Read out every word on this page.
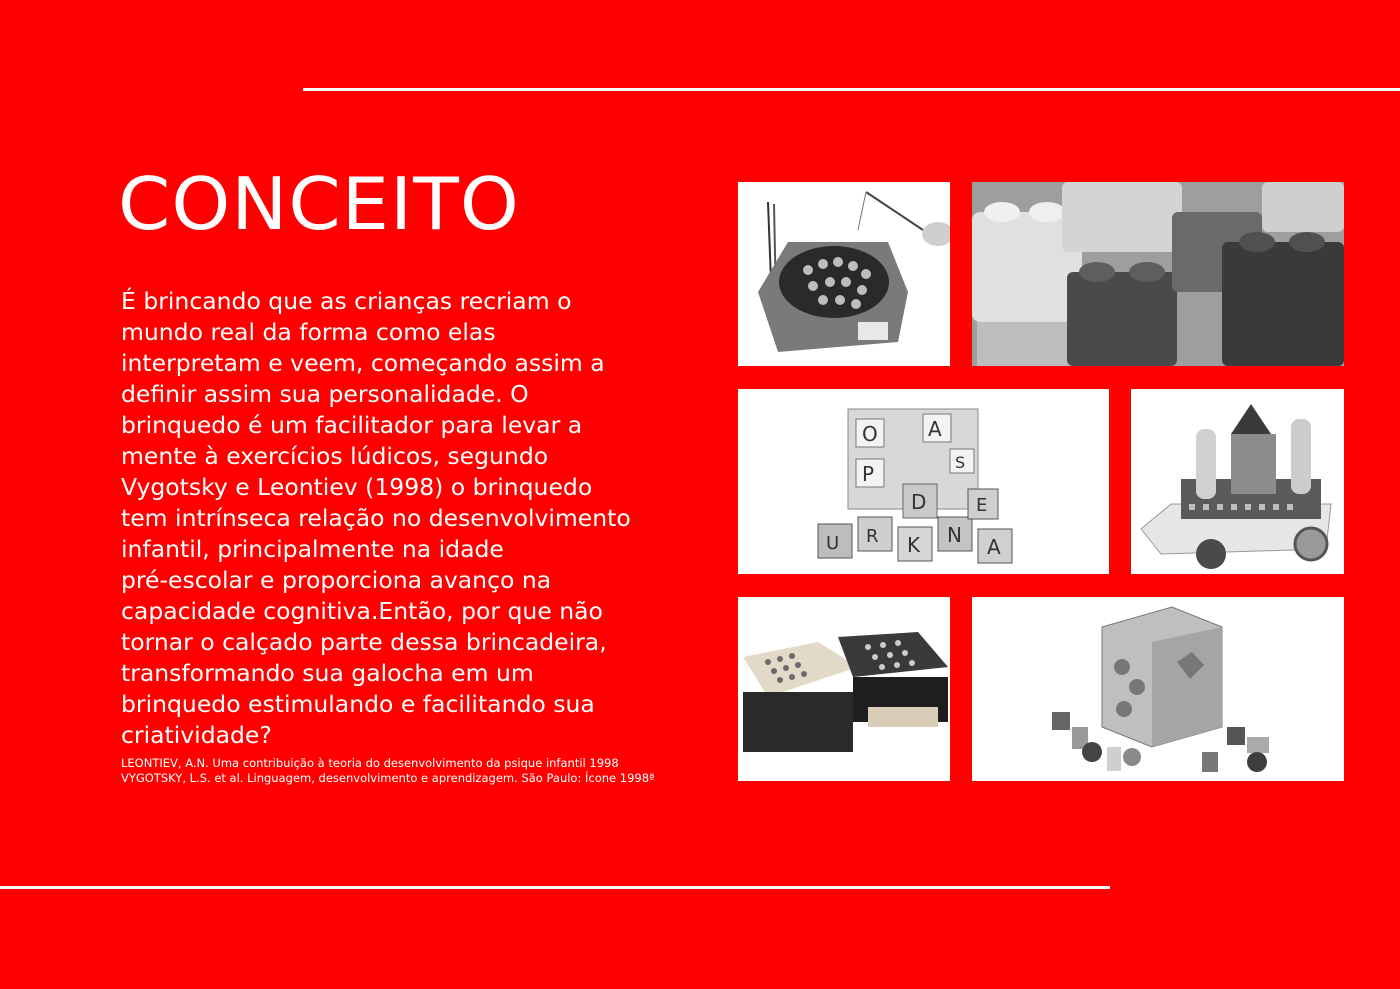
CONCEITO

É brincando que as crianças recriam o
mundo real da forma como elas
interpretam e veem, começando assim a
definir assim sua personalidade. O
brinquedo é um facilitador para levar a
mente à exercícios lúdicos, segundo
Vygotsky e Leontiev (1998) o brinquedo
tem intrínseca relação no desenvolvimento
infantil, principalmente na idade
pré-escolar e proporciona avanço na
capacidade cognitiva.Então, por que não
tornar o calçado parte dessa brincadeira,
transformando sua galocha em um
brinquedo estimulando e facilitando sua
criatividade?

LEONTIEV, A.N. Uma contribuição à teoria do desenvolvimento da psique infantil 1998
VYGOTSKY, L.S. et al. Linguagem, desenvolvimento e aprendizagem. São Paulo: Ícone 1998ª

O	A
S
P
D
K N A
U R
E
